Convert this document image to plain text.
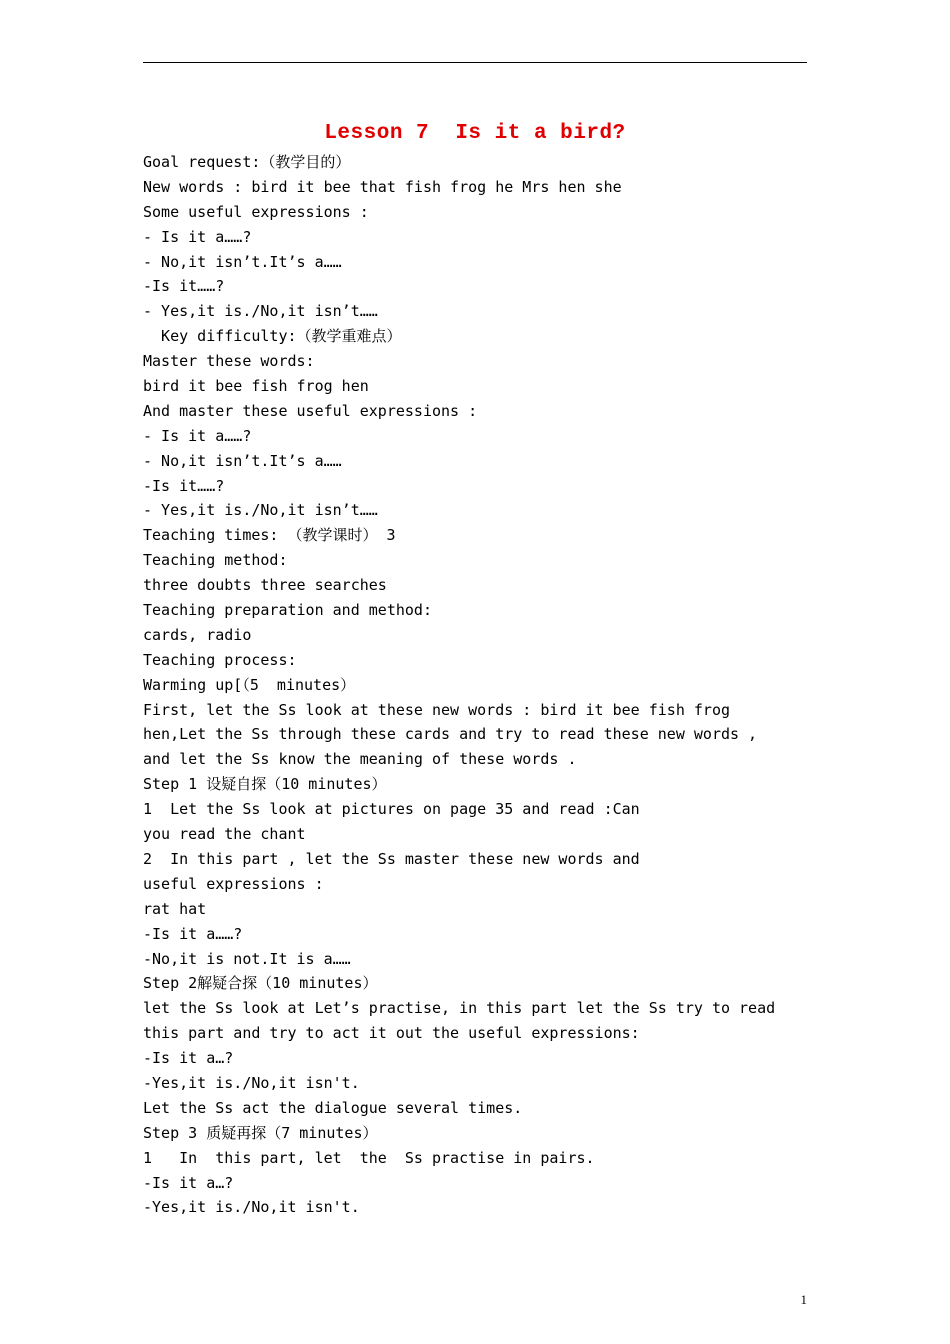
Lesson 7  Is it a bird?
Goal request:（教学目的）
New words : bird it bee that fish frog he Mrs hen she
Some useful expressions :
- Is it a……?
- No,it isn’t.It’s a……
-Is it……?
- Yes,it is./No,it isn’t……
Key difficulty:（教学重难点）
Master these words:
bird it bee fish frog hen
And master these useful expressions :
- Is it a……?
- No,it isn’t.It’s a……
-Is it……?
- Yes,it is./No,it isn’t……
Teaching times: （教学课时） 3
Teaching method:
three doubts three searches
Teaching preparation and method:
cards, radio
Teaching process:
Warming up[（5  minutes）
First, let the Ss look at these new words : bird it bee fish frog
hen,Let the Ss through these cards and try to read these new words ,
and let the Ss know the meaning of these words .
Step 1 设疑自探（10 minutes）
1  Let the Ss look at pictures on page 35 and read :Can
you read the chant
2  In this part , let the Ss master these new words and
useful expressions :
rat hat
-Is it a……?
-No,it is not.It is a……
Step 2解疑合探（10 minutes）
let the Ss look at Let’s practise, in this part let the Ss try to read
this part and try to act it out the useful expressions:
-Is it a…?
-Yes,it is./No,it isn't.
Let the Ss act the dialogue several times.
Step 3 质疑再探（7 minutes）
1   In  this part, let  the  Ss practise in pairs.
-Is it a…?
-Yes,it is./No,it isn't.
1
